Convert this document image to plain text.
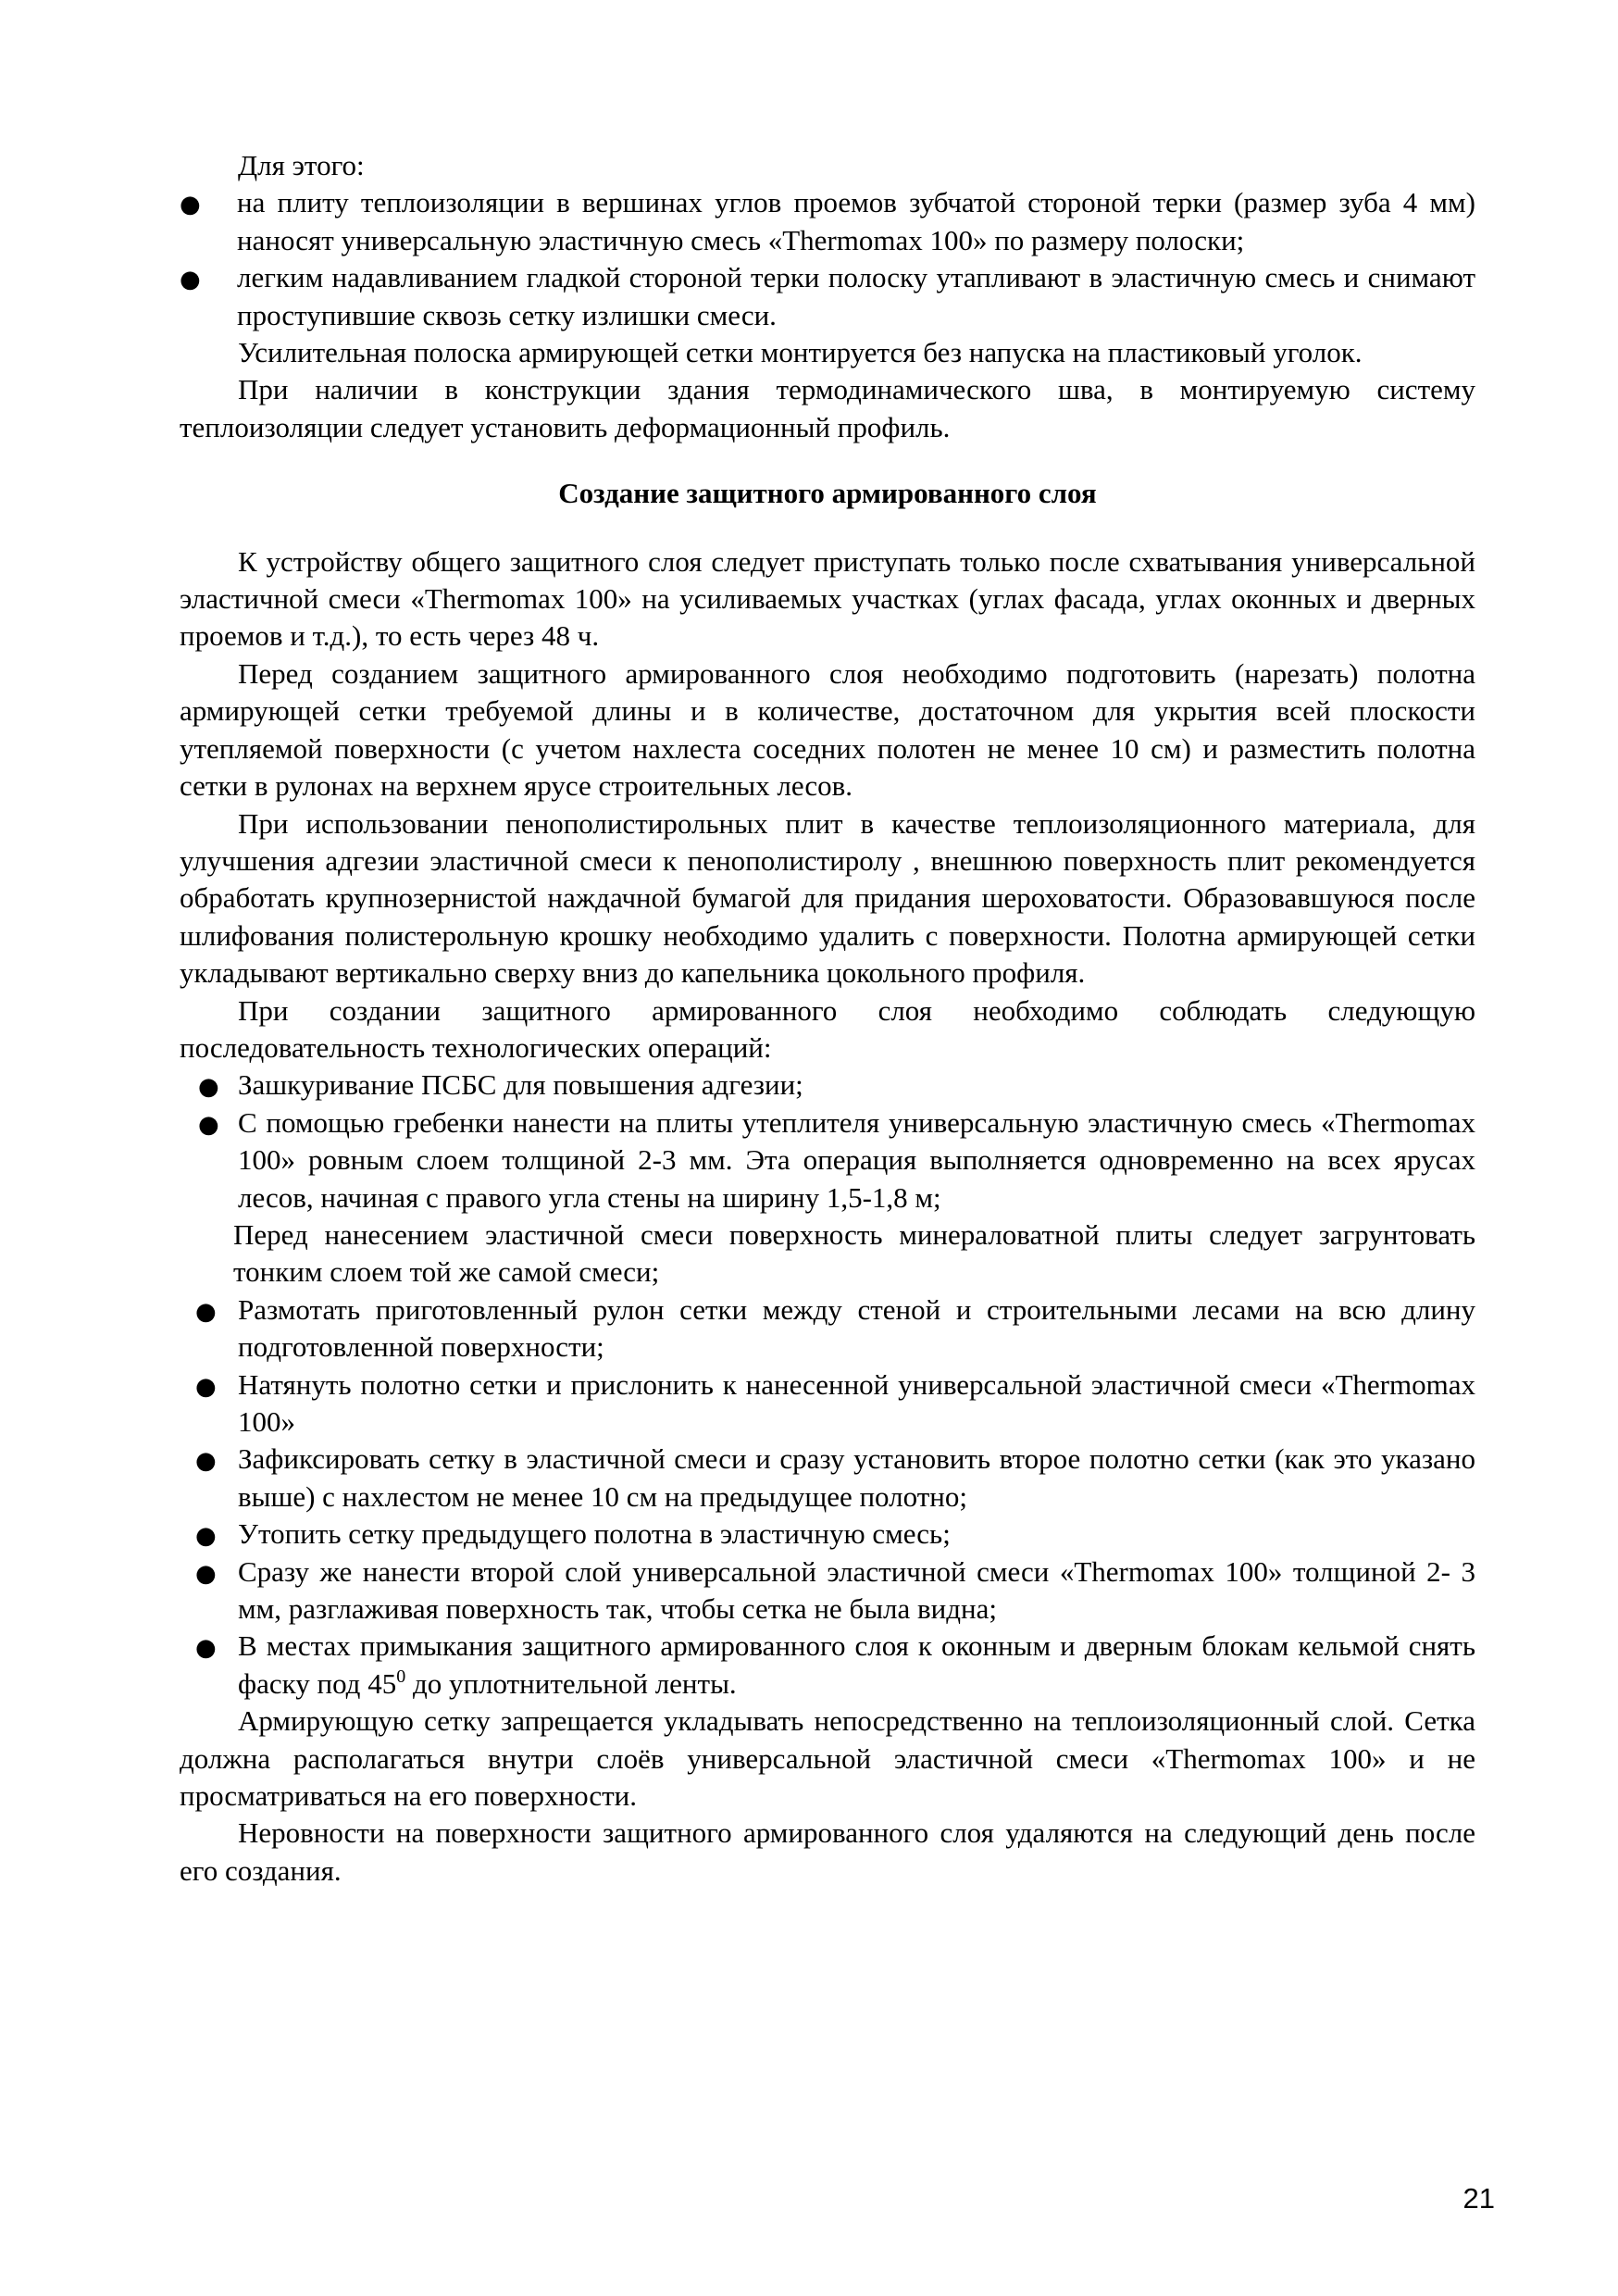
Для этого:

●	на плиту теплоизоляции в вершинах углов проемов зубчатой стороной терки (размер зуба 4 мм) наносят универсальную эластичную смесь «Thermomax 100» по размеру полоски;
●	легким надавливанием гладкой стороной терки полоску утапливают в эластичную смесь и снимают проступившие сквозь сетку излишки смеси.

Усилительная полоска армирующей сетки монтируется без напуска на пластиковый уголок.

При наличии в конструкции здания термодинамического шва, в монтируемую систему теплоизоляции следует установить деформационный профиль.

Создание защитного армированного слоя

К устройству общего защитного слоя следует приступать только после схватывания универсальной эластичной смеси «Thermomax 100» на усиливаемых участках (углах фасада, углах оконных и дверных проемов и т.д.), то есть через 48 ч.

Перед созданием защитного армированного слоя необходимо подготовить (нарезать) полотна армирующей сетки требуемой длины и в количестве, достаточном для укрытия всей плоскости утепляемой поверхности (с учетом нахлеста соседних полотен не менее 10 см) и разместить полотна сетки в рулонах на верхнем ярусе строительных лесов.

При использовании пенополистирольных плит в качестве теплоизоляционного материала, для улучшения адгезии эластичной смеси к пенополистиролу , внешнюю поверхность плит рекомендуется обработать крупнозернистой наждачной бумагой для придания шероховатости. Образовавшуюся после шлифования полистерольную крошку необходимо удалить с поверхности. Полотна армирующей сетки укладывают вертикально сверху вниз до капельника цокольного профиля.

При создании защитного армированного слоя необходимо соблюдать следующую последовательность технологических операций:

● Зашкуривание ПСБС для повышения адгезии;
● С помощью гребенки нанести на плиты утеплителя универсальную эластичную смесь «Thermomax 100» ровным слоем толщиной 2-3 мм. Эта операция выполняется одновременно на всех ярусах лесов, начиная с правого угла стены на ширину 1,5-1,8 м;

Перед нанесением эластичной смеси поверхность минераловатной плиты следует загрунтовать тонким слоем той же самой смеси;

● Размотать приготовленный рулон сетки между стеной и строительными лесами на всю длину подготовленной поверхности;
● Натянуть полотно сетки и прислонить к нанесенной универсальной эластичной смеси «Thermomax 100»
● Зафиксировать сетку в эластичной смеси и сразу установить второе полотно сетки (как это указано выше) с нахлестом не менее 10 см на предыдущее полотно;
● Утопить сетку предыдущего полотна в эластичную смесь;
● Сразу же нанести второй слой универсальной эластичной смеси «Thermomax 100» толщиной 2- 3 мм, разглаживая поверхность так, чтобы сетка не была видна;
● В местах примыкания защитного армированного слоя к оконным и дверным блокам кельмой снять фаску под $45^0$ до уплотнительной ленты.

Армирующую сетку запрещается укладывать непосредственно на теплоизоляционный слой. Сетка должна располагаться внутри слоёв универсальной эластичной смеси «Thermomax 100» и не просматриваться на его поверхности.

Неровности на поверхности защитного армированного слоя удаляются на следующий день после его создания.

21
